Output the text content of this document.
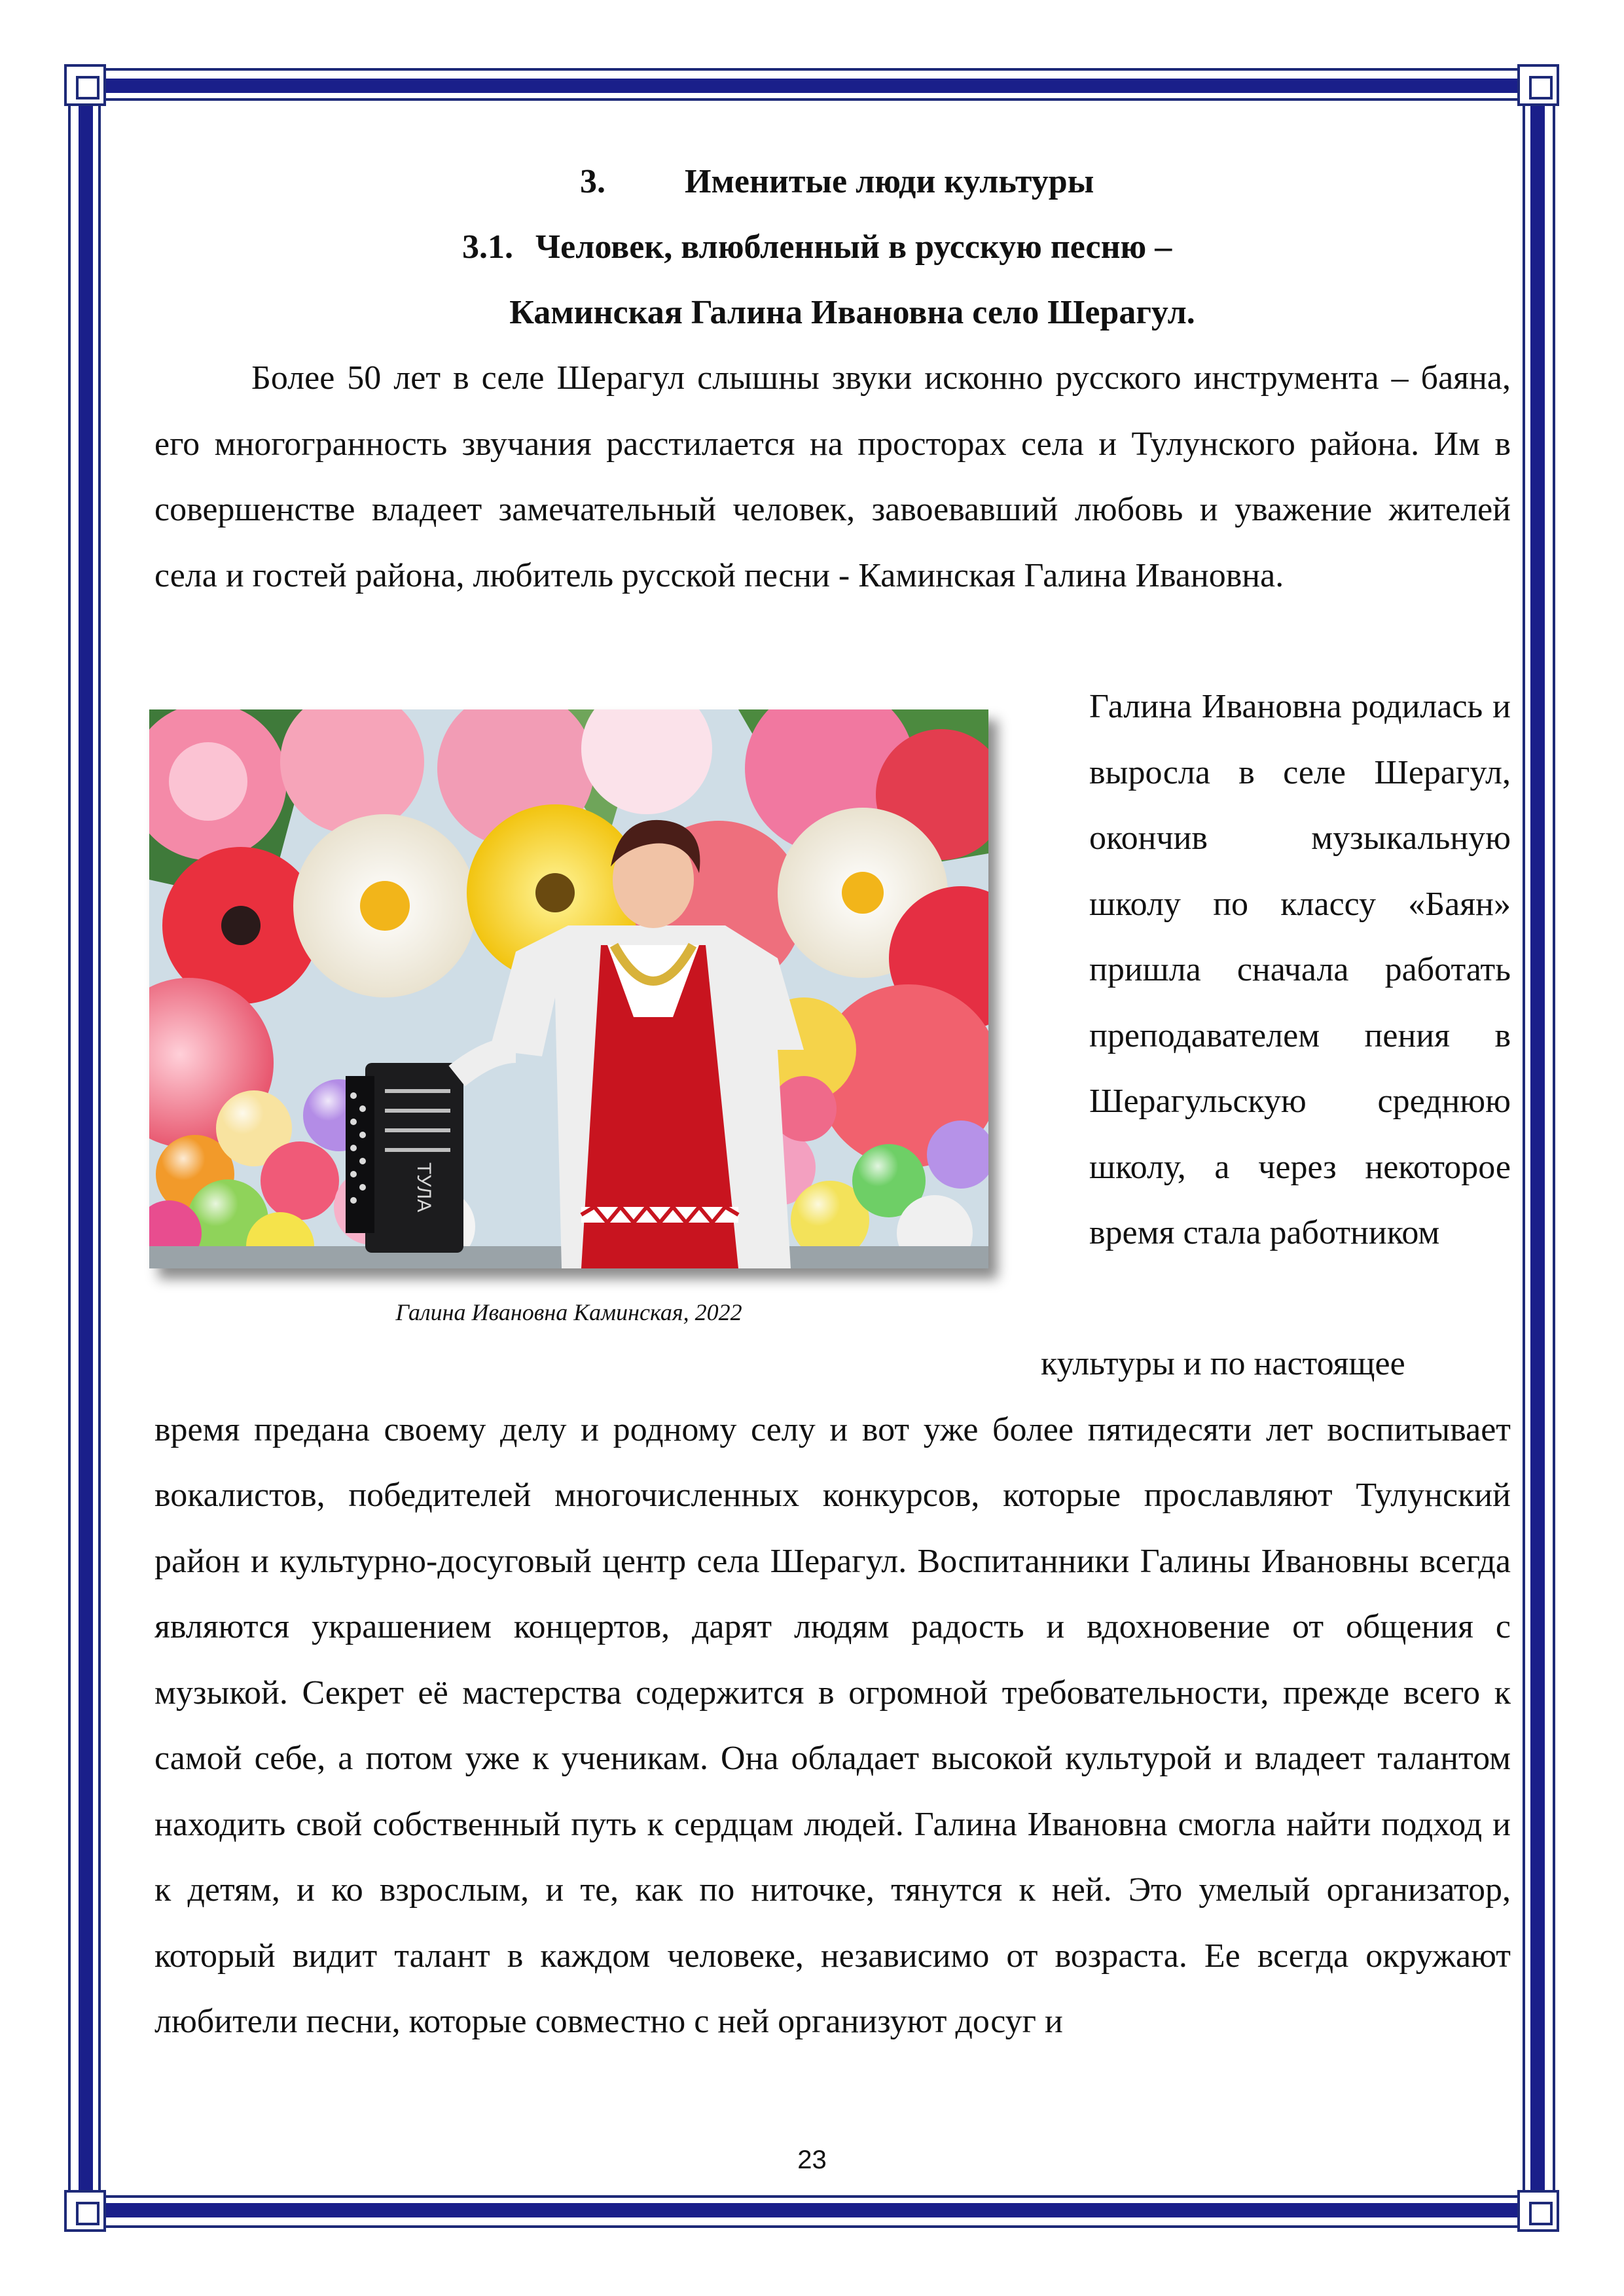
3. Именитые люди культуры
3.1. Человек, влюбленный в русскую песню –
Каминская Галина Ивановна село Шерагул.
Более 50 лет в селе Шерагул слышны звуки исконно русского инструмента – баяна, его многогранность звучания расстилается на просторах села и Тулунского района. Им в совершенстве владеет замечательный человек, завоевавший любовь и уважение жителей села и гостей района, любитель русской песни - Каминская Галина Ивановна.
ТУЛА
Галина Ивановна Каминская, 2022
Галина Ивановна родилась и выросла в селе Шерагул, окончив музыкальную школу по классу «Баян» пришла сначала работать преподавателем пения в Шерагульскую среднюю школу, а через некоторое время стала работником
культуры и по настоящее
время предана своему делу и родному селу и вот уже более пятидесяти лет воспитывает вокалистов, победителей многочисленных конкурсов, которые прославляют Тулунский район и культурно-досуговый центр села Шерагул. Воспитанники Галины Ивановны всегда являются украшением концертов, дарят людям радость и вдохновение от общения с музыкой. Секрет её мастерства содержится в огромной требовательности, прежде всего к самой себе, а потом уже к ученикам. Она обладает высокой культурой и владеет талантом находить свой собственный путь к сердцам людей. Галина Ивановна смогла найти подход и к детям, и ко взрослым, и те, как по ниточке, тянутся к ней. Это умелый организатор, который видит талант в каждом человеке, независимо от возраста. Ее всегда окружают любители песни, которые совместно с ней организуют досуг и
23
